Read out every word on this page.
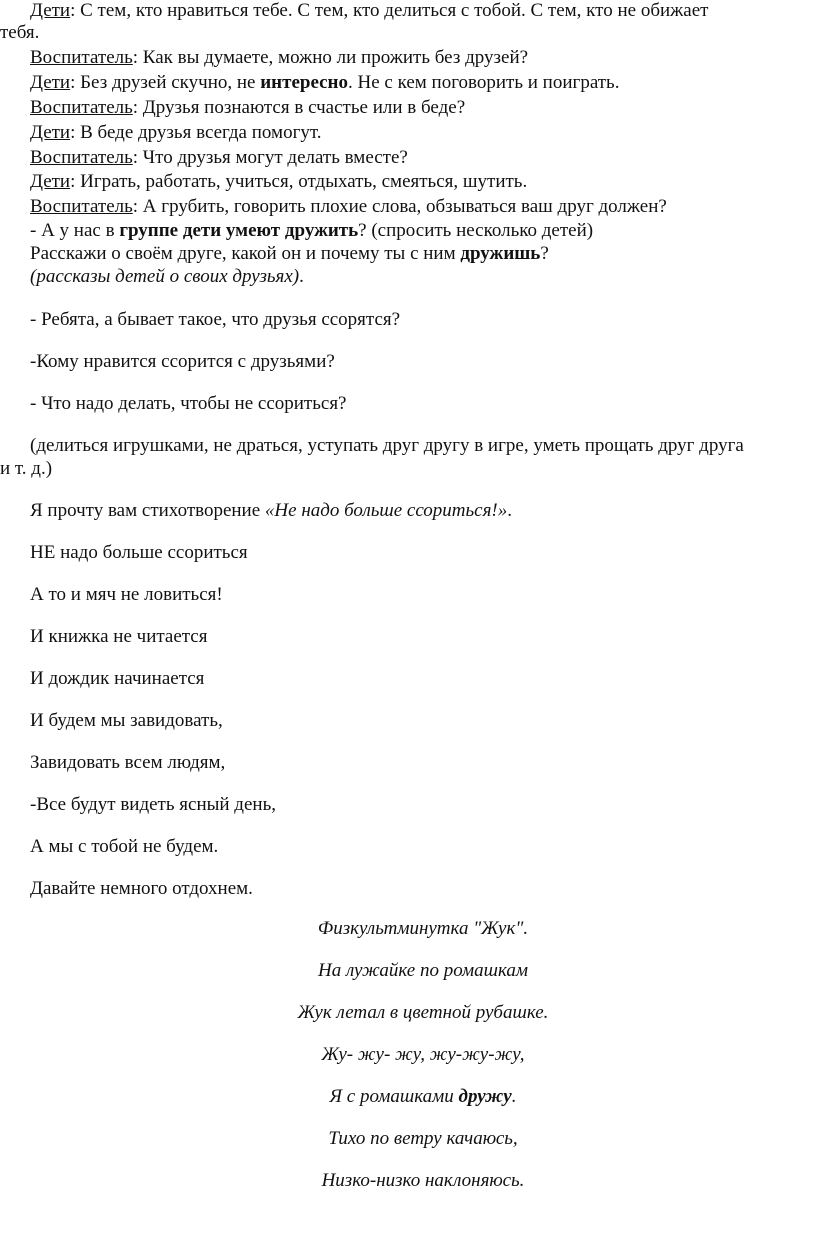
Дети: С тем, кто нравиться тебе. С тем, кто делиться с тобой. С тем, кто не обижает
тебя.
Воспитатель: Как вы думаете, можно ли прожить без друзей?
Дети: Без друзей скучно, не интересно. Не с кем поговорить и поиграть.
Воспитатель: Друзья познаются в счастье или в беде?
Дети: В беде друзья всегда помогут.
Воспитатель: Что друзья могут делать вместе?
Дети: Играть, работать, учиться, отдыхать, смеяться, шутить.
Воспитатель: А грубить, говорить плохие слова, обзываться ваш друг должен?
- А у нас в группе дети умеют дружить? (спросить несколько детей)
Расскажи о своём друге, какой он и почему ты с ним дружишь?
(рассказы детей о своих друзьях).
- Ребята, а бывает такое, что друзья ссорятся?
-Кому нравится ссорится с друзьями?
- Что надо делать, чтобы не ссориться?
(делиться игрушками, не драться, уступать друг другу в игре, уметь прощать друг друга
и т. д.)
Я прочту вам стихотворение «Не надо больше ссориться!».
НЕ надо больше ссориться
А то и мяч не ловиться!
И книжка не читается
И дождик начинается
И будем мы завидовать,
Завидовать всем людям,
-Все будут видеть ясный день,
А мы с тобой не будем.
Давайте немного отдохнем.
Физкультминутка "Жук".
На лужайке по ромашкам
Жук летал в цветной рубашке.
Жу- жу- жу, жу-жу-жу,
Я с ромашками дружу.
Тихо по ветру качаюсь,
Низко-низко наклоняюсь.
